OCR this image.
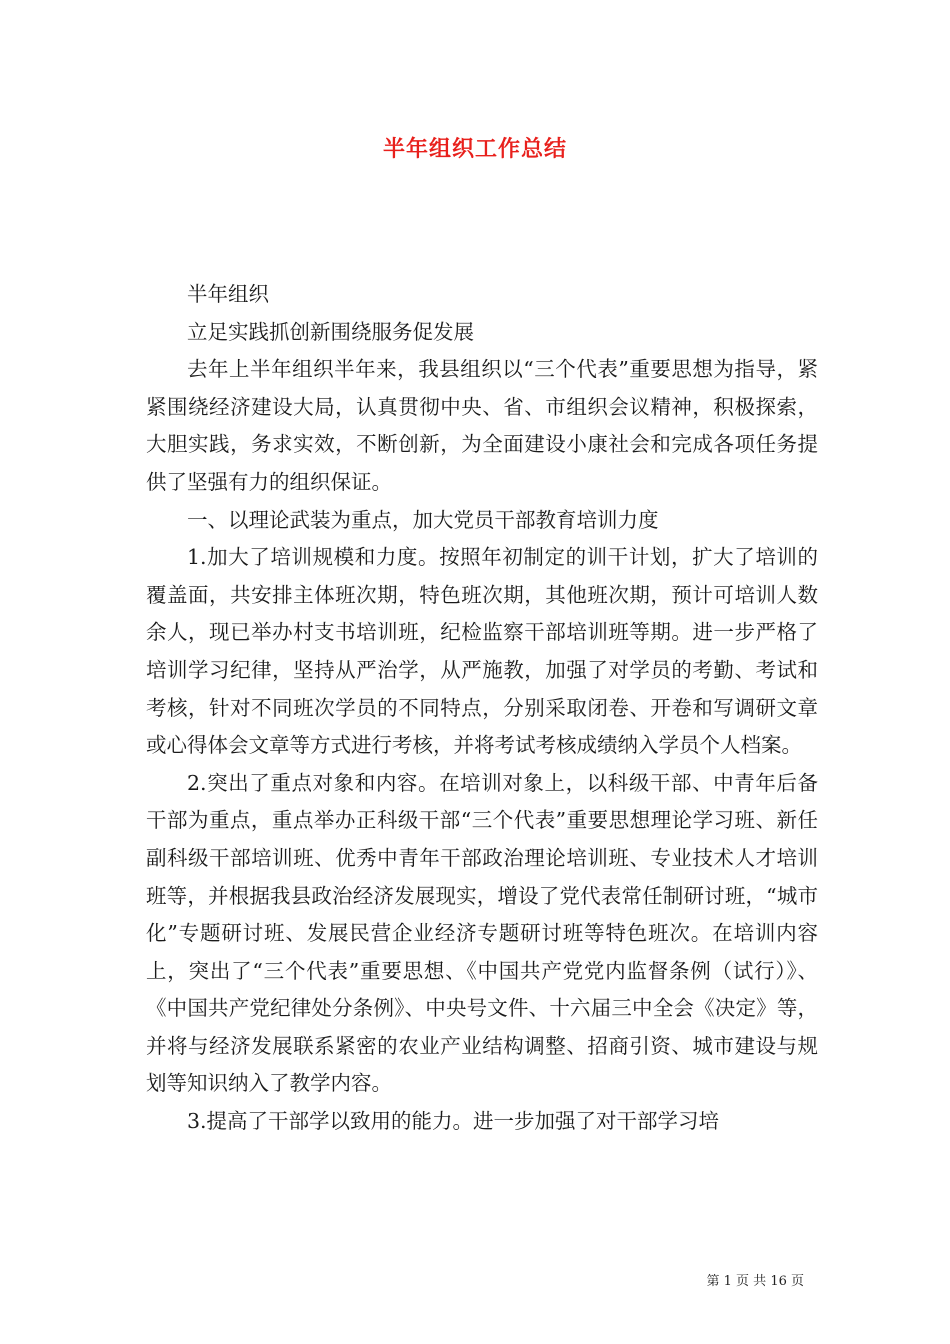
半年组织工作总结

半年组织

立足实践抓创新围绕服务促发展

去年上半年组织半年来，我县组织以“三个代表”重要思想为指导，紧紧围绕经济建设大局，认真贯彻中央、省、市组织会议精神，积极探索，大胆实践，务求实效，不断创新，为全面建设小康社会和完成各项任务提供了坚强有力的组织保证。

一、以理论武装为重点，加大党员干部教育培训力度

1.加大了培训规模和力度。按照年初制定的训干计划，扩大了培训的覆盖面，共安排主体班次期，特色班次期，其他班次期，预计可培训人数余人，现已举办村支书培训班，纪检监察干部培训班等期。进一步严格了培训学习纪律，坚持从严治学，从严施教，加强了对学员的考勤、考试和考核，针对不同班次学员的不同特点，分别采取闭卷、开卷和写调研文章或心得体会文章等方式进行考核，并将考试考核成绩纳入学员个人档案。

2.突出了重点对象和内容。在培训对象上，以科级干部、中青年后备干部为重点，重点举办正科级干部“三个代表”重要思想理论学习班、新任副科级干部培训班、优秀中青年干部政治理论培训班、专业技术人才培训班等，并根据我县政治经济发展现实，增设了党代表常任制研讨班，“城市化”专题研讨班、发展民营企业经济专题研讨班等特色班次。在培训内容上，突出了“三个代表”重要思想、《中国共产党党内监督条例（试行）》、《中国共产党纪律处分条例》、中央号文件、十六届三中全会《决定》等，并将与经济发展联系紧密的农业产业结构调整、招商引资、城市建设与规划等知识纳入了教学内容。

3.提高了干部学以致用的能力。进一步加强了对干部学习培

第 1 页 共 16 页
